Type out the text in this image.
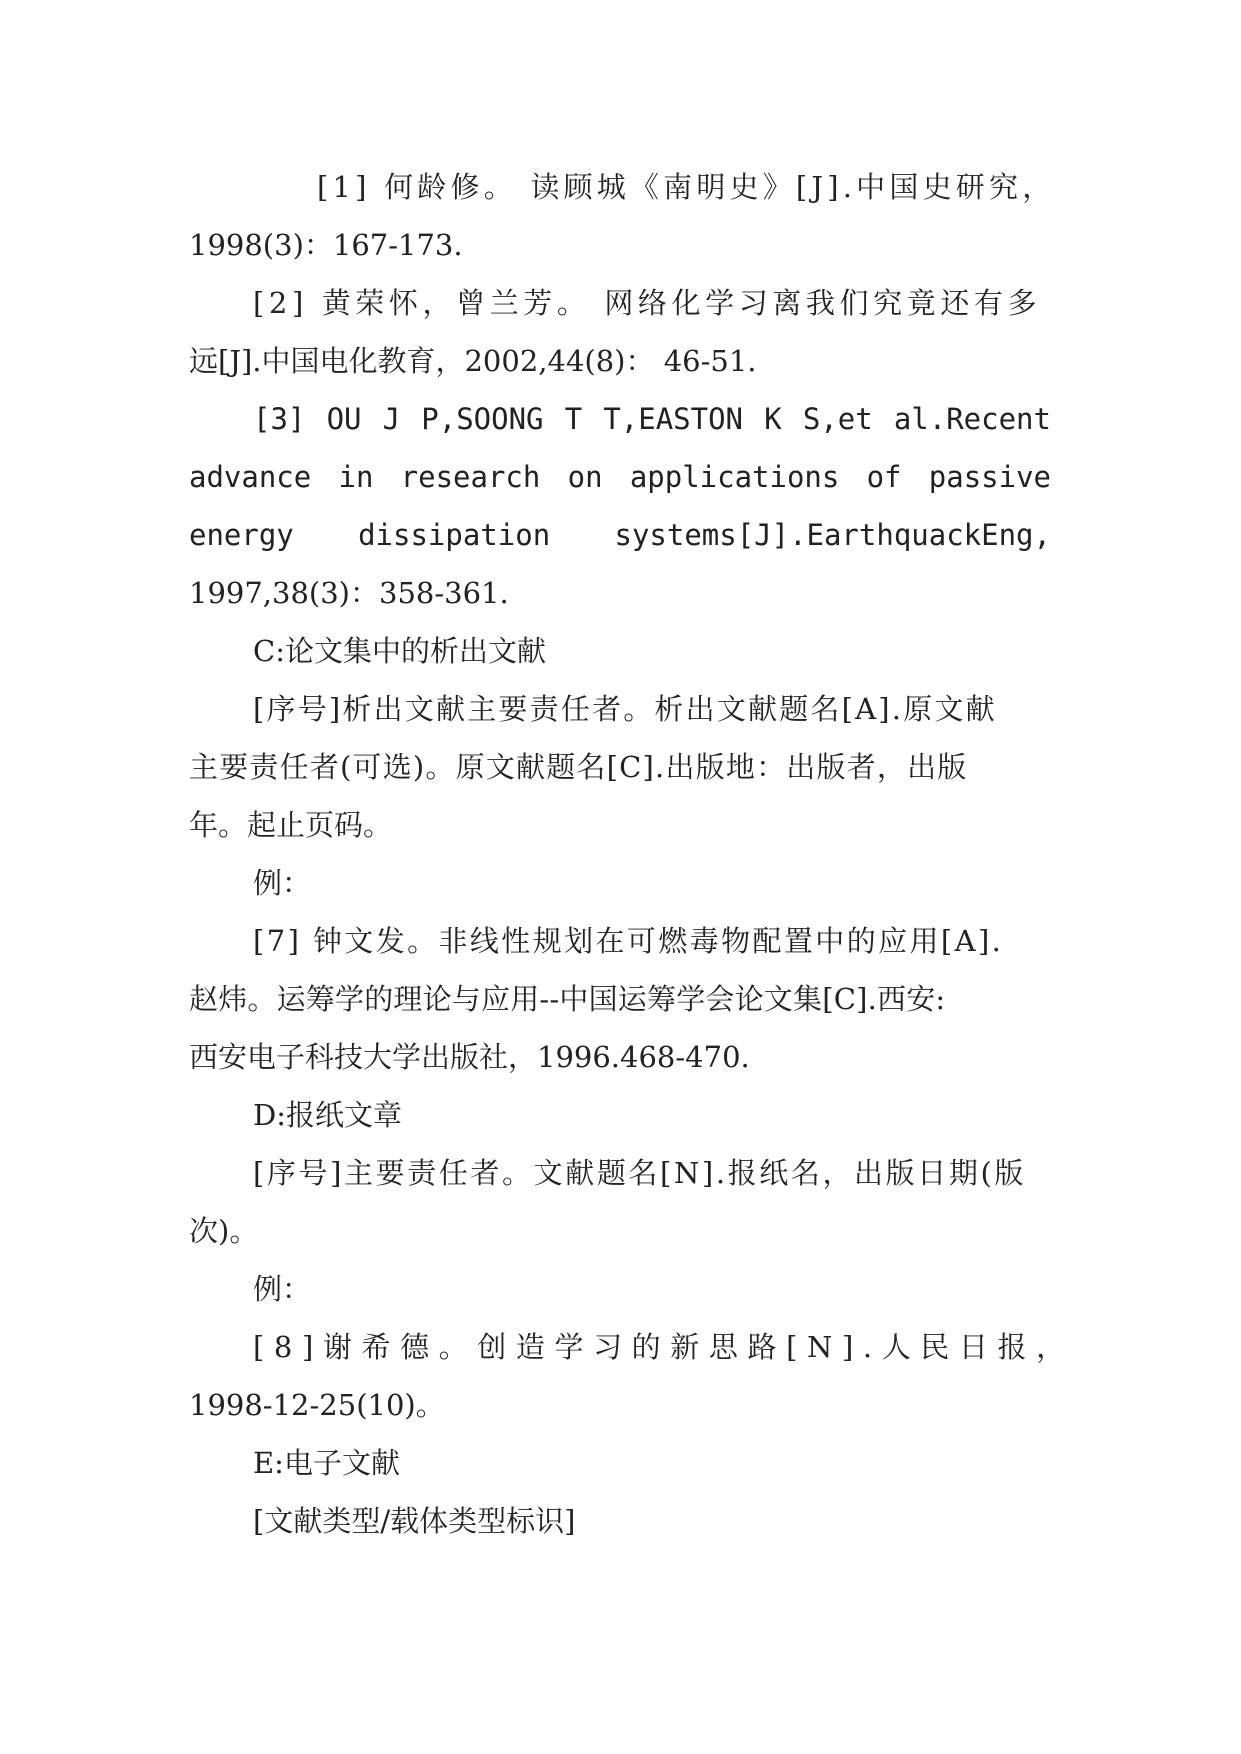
[1] 何龄修。 读顾城《南明史》[J].中国史研究，
1998(3)：167-173.
[2] 黄荣怀，曾兰芳。 网络化学习离我们究竟还有多
远[J].中国电化教育，2002,44(8)： 46-51.
[3] OU J P,SOONG T T,EASTON K S,et al.Recent
advance in research on applications of passive
energy dissipation systems[J].EarthquackEng,
1997,38(3)：358-361.
C:论文集中的析出文献
[序号]析出文献主要责任者。析出文献题名[A].原文献
主要责任者(可选)。原文献题名[C].出版地：出版者，出版
年。起止页码。
例：
[7] 钟文发。非线性规划在可燃毒物配置中的应用[A].
赵炜。运筹学的理论与应用--中国运筹学会论文集[C].西安:
西安电子科技大学出版社，1996.468-470.
D:报纸文章
[序号]主要责任者。文献题名[N].报纸名，出版日期(版
次)。
例：
[8]谢希德。创造学习的新思路[N].人民日报，
1998-12-25(10)。
E:电子文献
[文献类型/载体类型标识]
